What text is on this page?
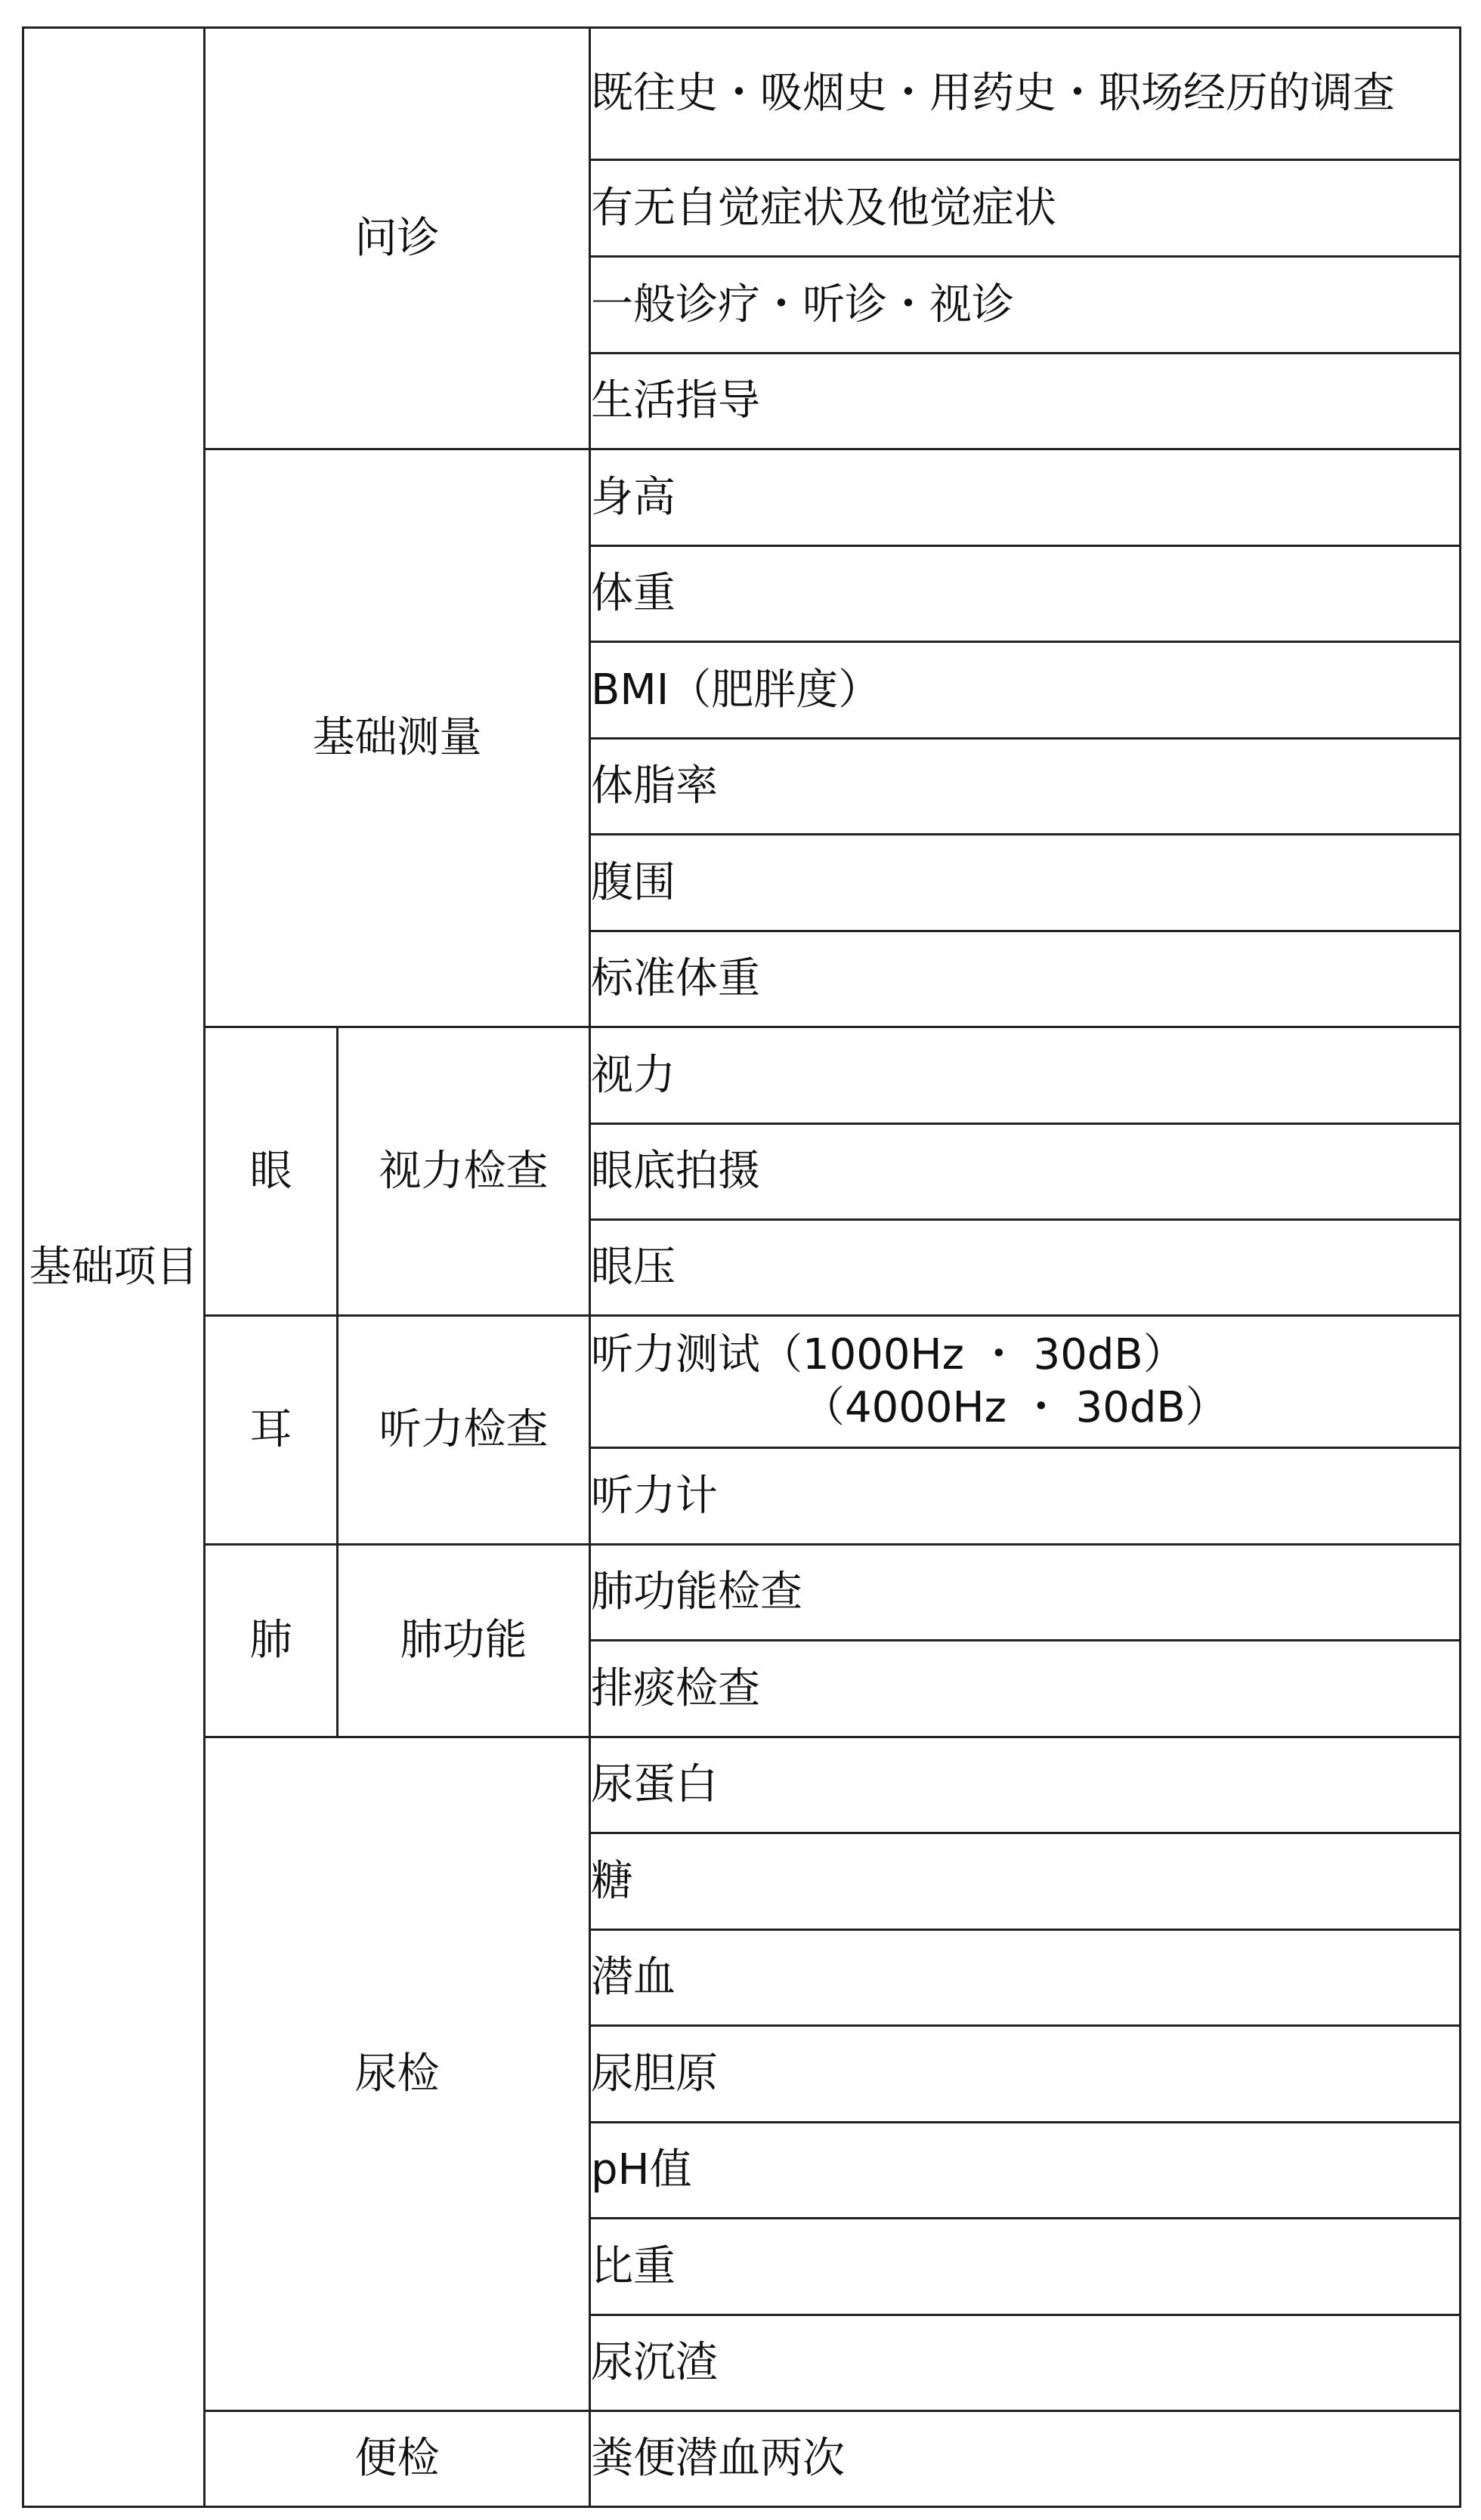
基础项目	问诊		既往史・吸烟史・用药史・职场经历的调查
			有无自觉症状及他觉症状
			一般诊疗・听诊・视诊
			生活指导
	基础测量		身高
			体重
			BMI（肥胖度）
			体脂率
			腹围
			标准体重
	眼	视力检查	视力
			眼底拍摄
			眼压
	耳	听力检查	听力测试（1000Hz ・ 30dB）
（4000Hz ・ 30dB）

			听力计
	肺	肺功能	肺功能检查
			排痰检查
	尿检		尿蛋白
			糖
			潜血
			尿胆原
			pH值
			比重
			尿沉渣
	便检		粪便潜血两次
